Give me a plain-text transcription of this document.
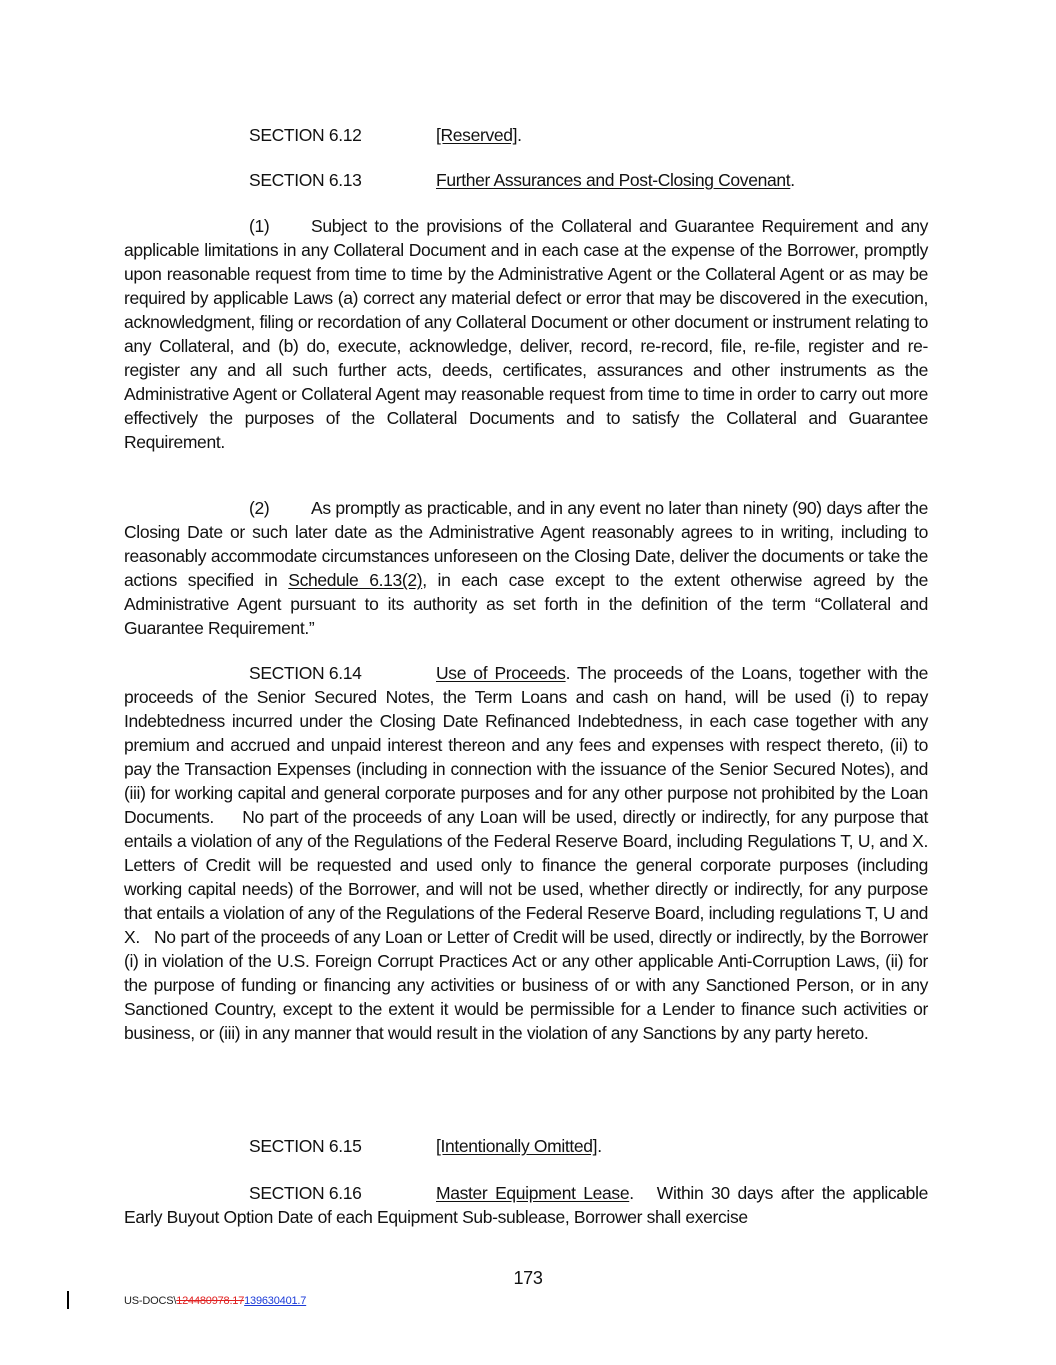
SECTION 6.12	[Reserved].
SECTION 6.13	Further Assurances and Post-Closing Covenant.

(1) Subject to the provisions of the Collateral and Guarantee Requirement and any applicable limitations in any Collateral Document and in each case at the expense of the Borrower, promptly upon reasonable request from time to time by the Administrative Agent or the Collateral Agent or as may be required by applicable Laws (a) correct any material defect or error that may be discovered in the execution, acknowledgment, filing or recordation of any Collateral Document or other document or instrument relating to any Collateral, and (b) do, execute, acknowledge, deliver, record, re-record, file, re-file, register and re-register any and all such further acts, deeds, certificates, assurances and other instruments as the Administrative Agent or Collateral Agent may reasonable request from time to time in order to carry out more effectively the purposes of the Collateral Documents and to satisfy the Collateral and Guarantee Requirement.

(2) As promptly as practicable, and in any event no later than ninety (90) days after the Closing Date or such later date as the Administrative Agent reasonably agrees to in writing, including to reasonably accommodate circumstances unforeseen on the Closing Date, deliver the documents or take the actions specified in Schedule 6.13(2), in each case except to the extent otherwise agreed by the Administrative Agent pursuant to its authority as set forth in the definition of the term “Collateral and Guarantee Requirement.”

SECTION 6.14	Use of Proceeds. The proceeds of the Loans, together with the proceeds of the Senior Secured Notes, the Term Loans and cash on hand, will be used (i) to repay Indebtedness incurred under the Closing Date Refinanced Indebtedness, in each case together with any premium and accrued and unpaid interest thereon and any fees and expenses with respect thereto, (ii) to pay the Transaction Expenses (including in connection with the issuance of the Senior Secured Notes), and (iii) for working capital and general corporate purposes and for any other purpose not prohibited by the Loan Documents.     No part of the proceeds of any Loan will be used, directly or indirectly, for any purpose that entails a violation of any of the Regulations of the Federal Reserve Board, including Regulations T, U, and X.   Letters of Credit will be requested and used only to finance the general corporate purposes (including working capital needs) of the Borrower, and will not be used, whether directly or indirectly, for any purpose that entails a violation of any of the Regulations of the Federal Reserve Board, including regulations T, U and X.   No part of the proceeds of any Loan or Letter of Credit will be used, directly or indirectly, by the Borrower (i) in violation of the U.S. Foreign Corrupt Practices Act or any other applicable Anti-Corruption Laws, (ii) for the purpose of funding or financing any activities or business of or with any Sanctioned Person, or in any Sanctioned Country, except to the extent it would be permissible for a Lender to finance such activities or business, or (iii) in any manner that would result in the violation of any Sanctions by any party hereto.

SECTION 6.15	[Intentionally Omitted].

SECTION 6.16	Master Equipment Lease.   Within 30 days after the applicable Early Buyout Option Date of each Equipment Sub-sublease, Borrower shall exercise

173
US-DOCS\124480978.17139630401.7
